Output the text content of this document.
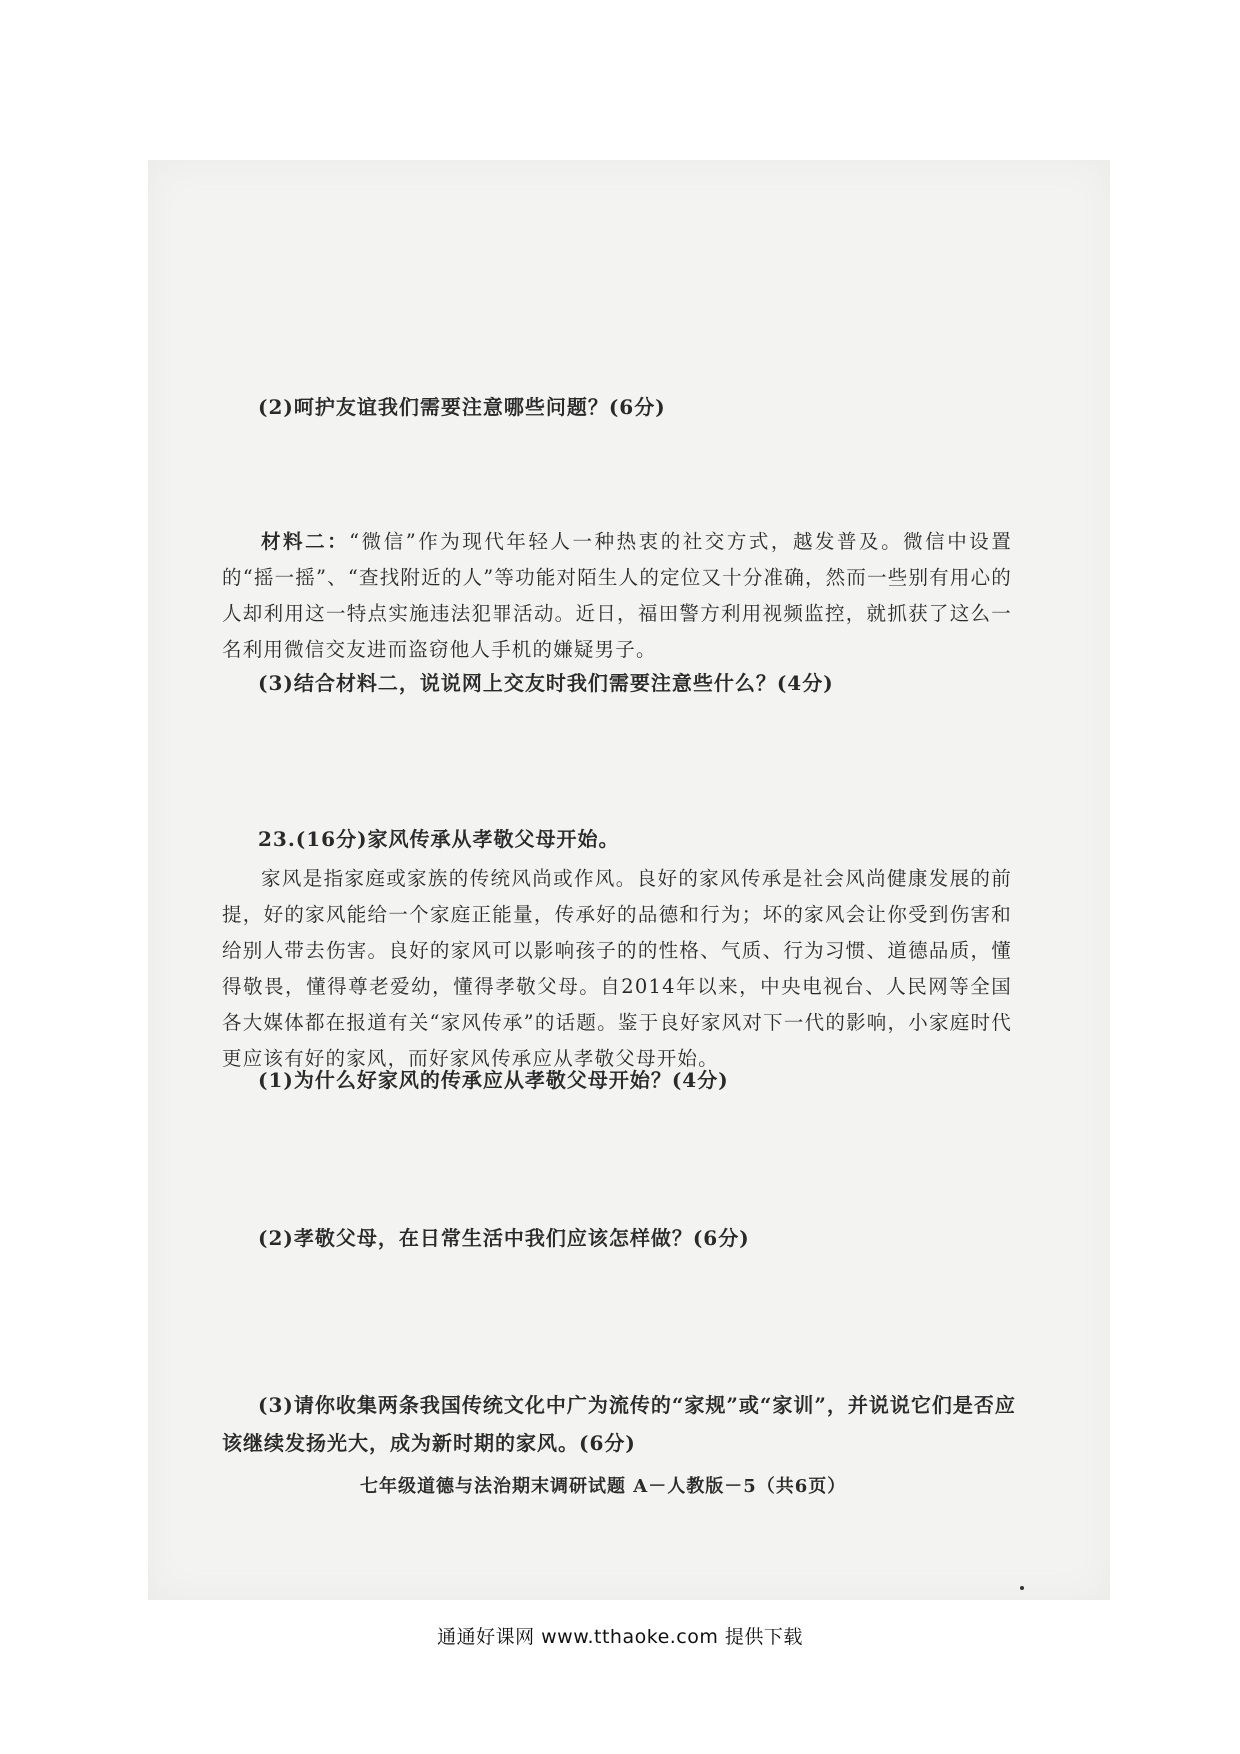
(2)呵护友谊我们需要注意哪些问题？(6分)
材料二：“微信”作为现代年轻人一种热衷的社交方式，越发普及。微信中设置的“摇一摇”、“查找附近的人”等功能对陌生人的定位又十分准确，然而一些别有用心的人却利用这一特点实施违法犯罪活动。近日，福田警方利用视频监控，就抓获了这么一名利用微信交友进而盗窃他人手机的嫌疑男子。
(3)结合材料二，说说网上交友时我们需要注意些什么？(4分)
23.(16分)家风传承从孝敬父母开始。
家风是指家庭或家族的传统风尚或作风。良好的家风传承是社会风尚健康发展的前提，好的家风能给一个家庭正能量，传承好的品德和行为；坏的家风会让你受到伤害和给别人带去伤害。良好的家风可以影响孩子的的性格、气质、行为习惯、道德品质，懂得敬畏，懂得尊老爱幼，懂得孝敬父母。自2014年以来，中央电视台、人民网等全国各大媒体都在报道有关“家风传承”的话题。鉴于良好家风对下一代的影响，小家庭时代更应该有好的家风，而好家风传承应从孝敬父母开始。
(1)为什么好家风的传承应从孝敬父母开始？(4分)
(2)孝敬父母，在日常生活中我们应该怎样做？(6分)
(3)请你收集两条我国传统文化中广为流传的“家规”或“家训”，并说说它们是否应该继续发扬光大，成为新时期的家风。(6分)
七年级道德与法治期末调研试题 A－人教版－5（共6页）
通通好课网 www.tthaoke.com 提供下载
